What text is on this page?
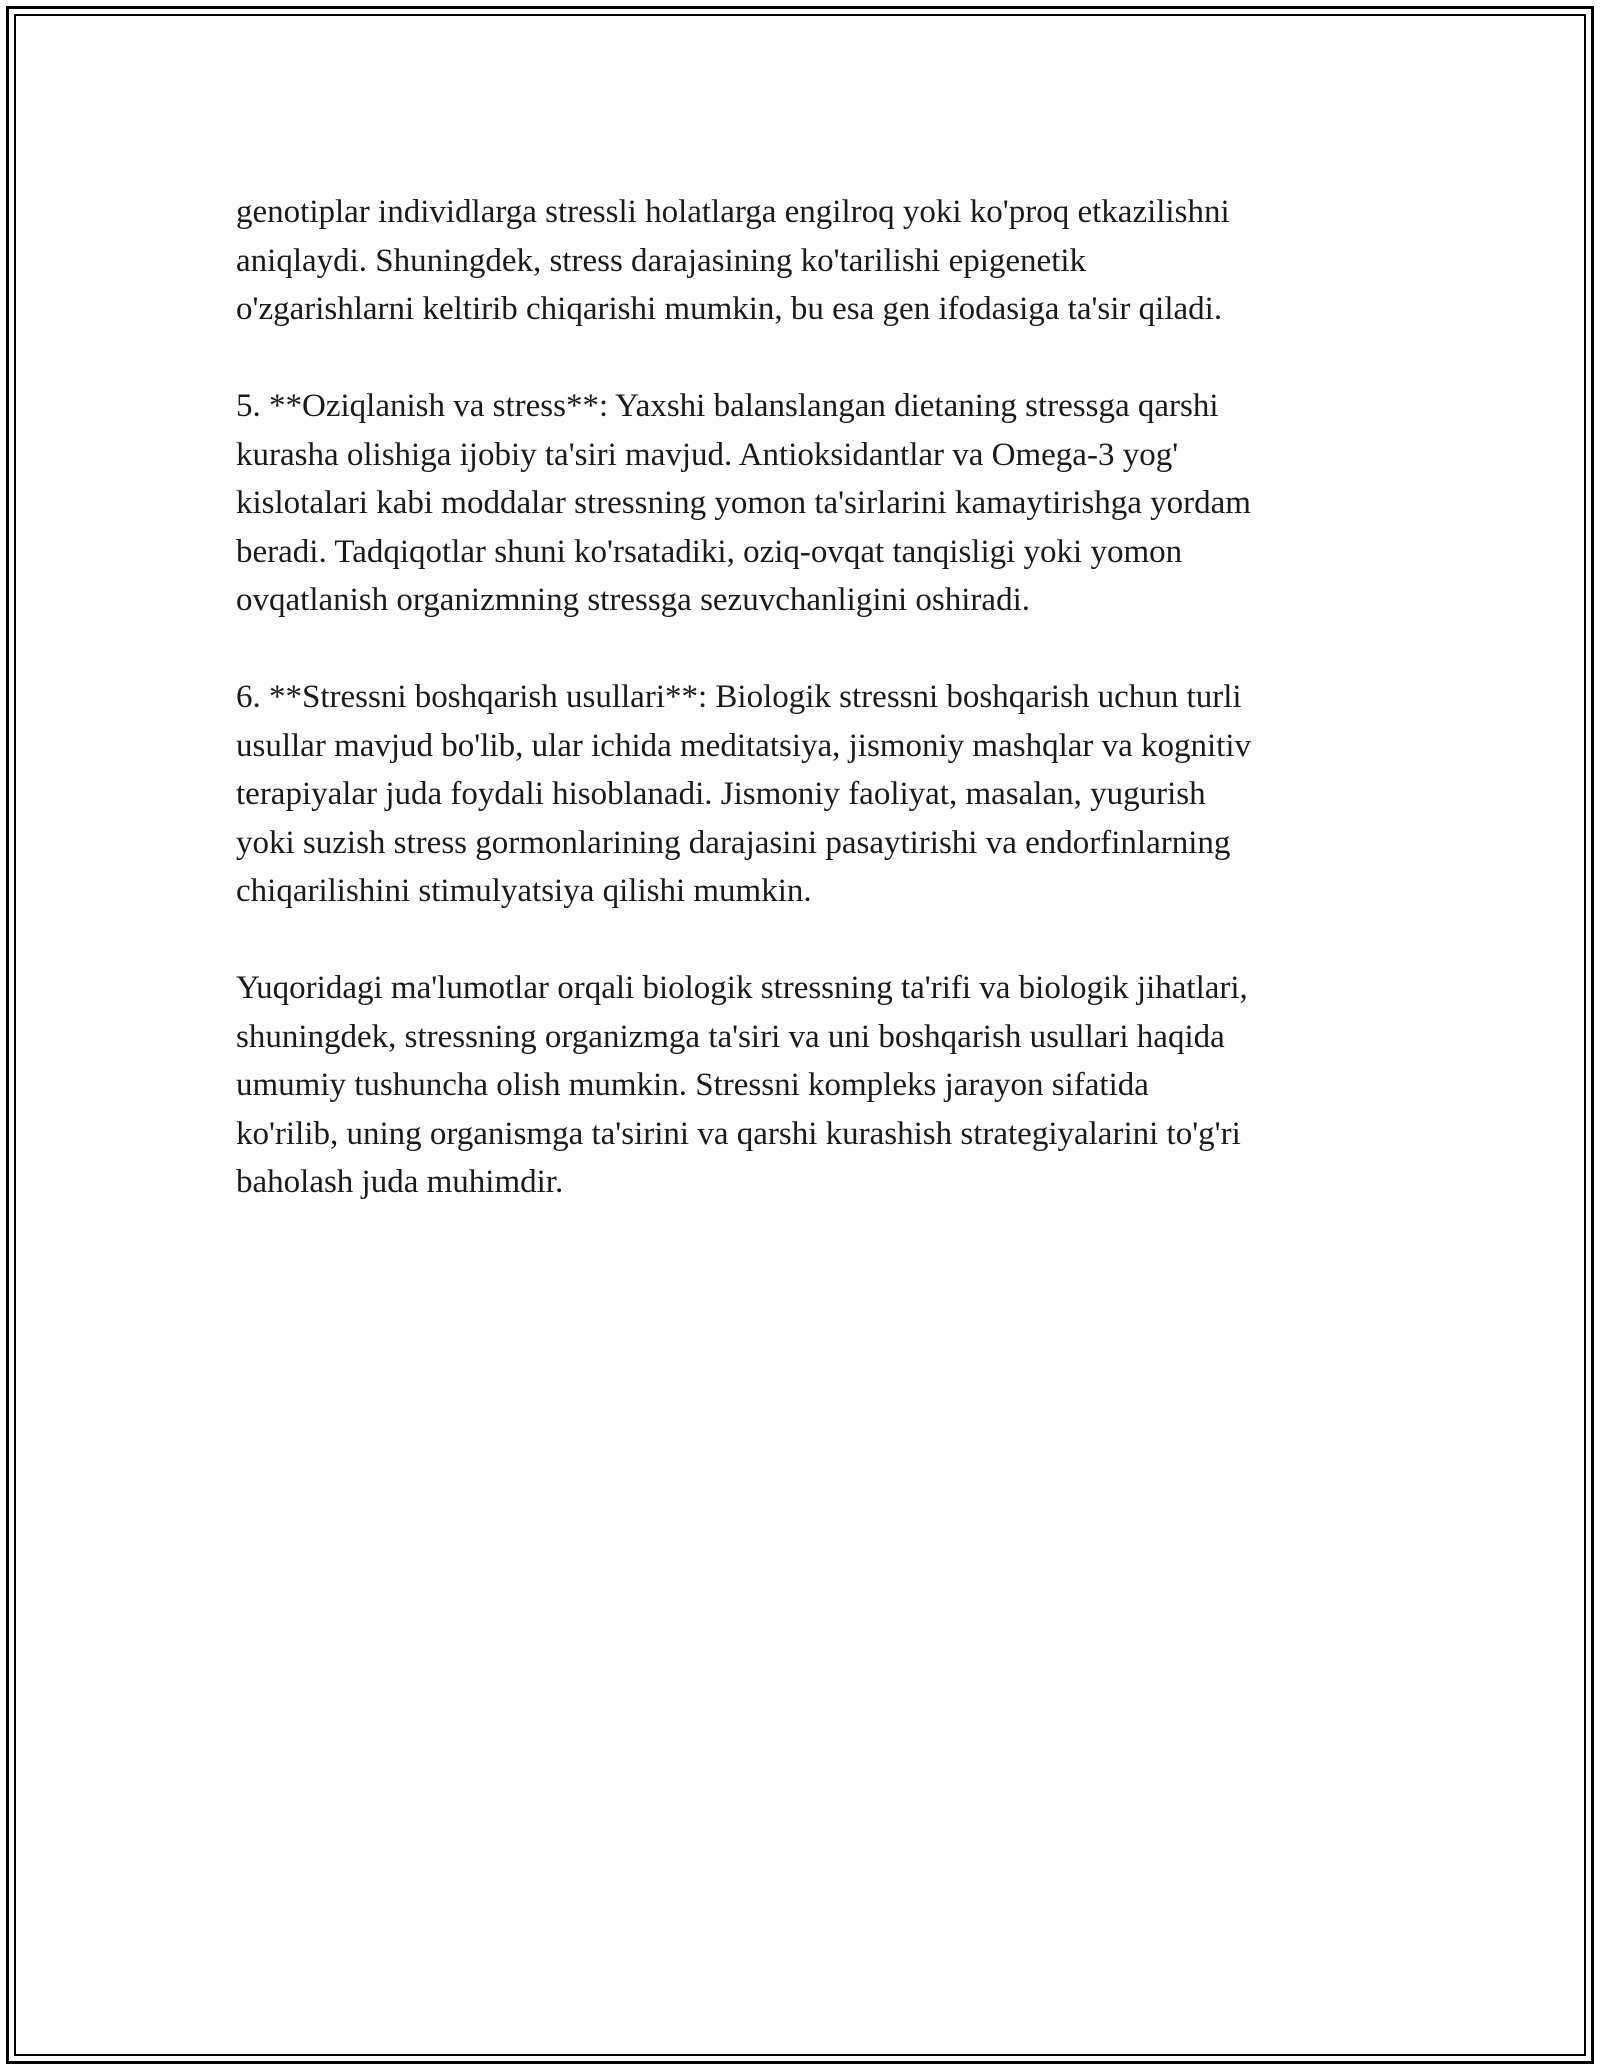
genotiplar individlarga stressli holatlarga engilroq yoki ko'proq etkazilishni
aniqlaydi. Shuningdek, stress darajasining ko'tarilishi epigenetik
o'zgarishlarni keltirib chiqarishi mumkin, bu esa gen ifodasiga ta'sir qiladi.

5. **Oziqlanish va stress**: Yaxshi balanslangan dietaning stressga qarshi
kurasha olishiga ijobiy ta'siri mavjud. Antioksidantlar va Omega-3 yog'
kislotalari kabi moddalar stressning yomon ta'sirlarini kamaytirishga yordam
beradi. Tadqiqotlar shuni ko'rsatadiki, oziq-ovqat tanqisligi yoki yomon
ovqatlanish organizmning stressga sezuvchanligini oshiradi.

6. **Stressni boshqarish usullari**: Biologik stressni boshqarish uchun turli
usullar mavjud bo'lib, ular ichida meditatsiya, jismoniy mashqlar va kognitiv
terapiyalar juda foydali hisoblanadi. Jismoniy faoliyat, masalan, yugurish
yoki suzish stress gormonlarining darajasini pasaytirishi va endorfinlarning
chiqarilishini stimulyatsiya qilishi mumkin.

Yuqoridagi ma'lumotlar orqali biologik stressning ta'rifi va biologik jihatlari,
shuningdek, stressning organizmga ta'siri va uni boshqarish usullari haqida
umumiy tushuncha olish mumkin. Stressni kompleks jarayon sifatida
ko'rilib, uning organismga ta'sirini va qarshi kurashish strategiyalarini to'g'ri
baholash juda muhimdir.
